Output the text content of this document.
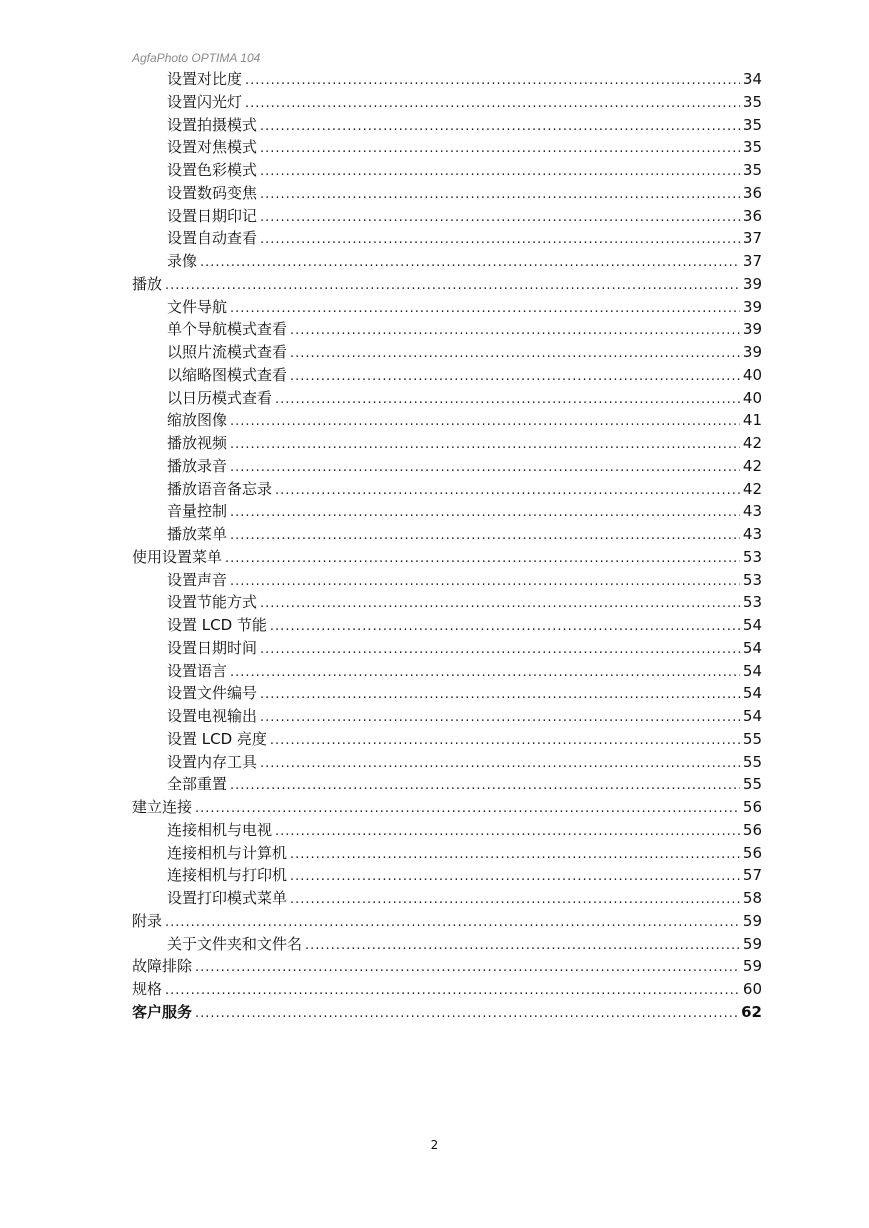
AgfaPhoto OPTIMA 104
设置对比度 .....	34
设置闪光灯 .....	35
设置拍摄模式 .....	35
设置对焦模式 .....	35
设置色彩模式 .....	35
设置数码变焦 .....	36
设置日期印记 .....	36
设置自动查看 .....	37
录像 .....	37
播放 .....	39
文件导航 .....	39
单个导航模式查看 .....	39
以照片流模式查看 .....	39
以缩略图模式查看 .....	40
以日历模式查看 .....	40
缩放图像 .....	41
播放视频 .....	42
播放录音 .....	42
播放语音备忘录 .....	42
音量控制 .....	43
播放菜单 .....	43
使用设置菜单 .....	53
设置声音 .....	53
设置节能方式 .....	53
设置 LCD 节能 .....	54
设置日期时间 .....	54
设置语言 .....	54
设置文件编号 .....	54
设置电视输出 .....	54
设置 LCD 亮度 .....	55
设置内存工具 .....	55
全部重置 .....	55
建立连接 .....	56
连接相机与电视 .....	56
连接相机与计算机 .....	56
连接相机与打印机 .....	57
设置打印模式菜单 .....	58
附录 .....	59
关于文件夹和文件名 .....	59
故障排除 .....	59
规格 .....	60
客户服务 .....	62
2
